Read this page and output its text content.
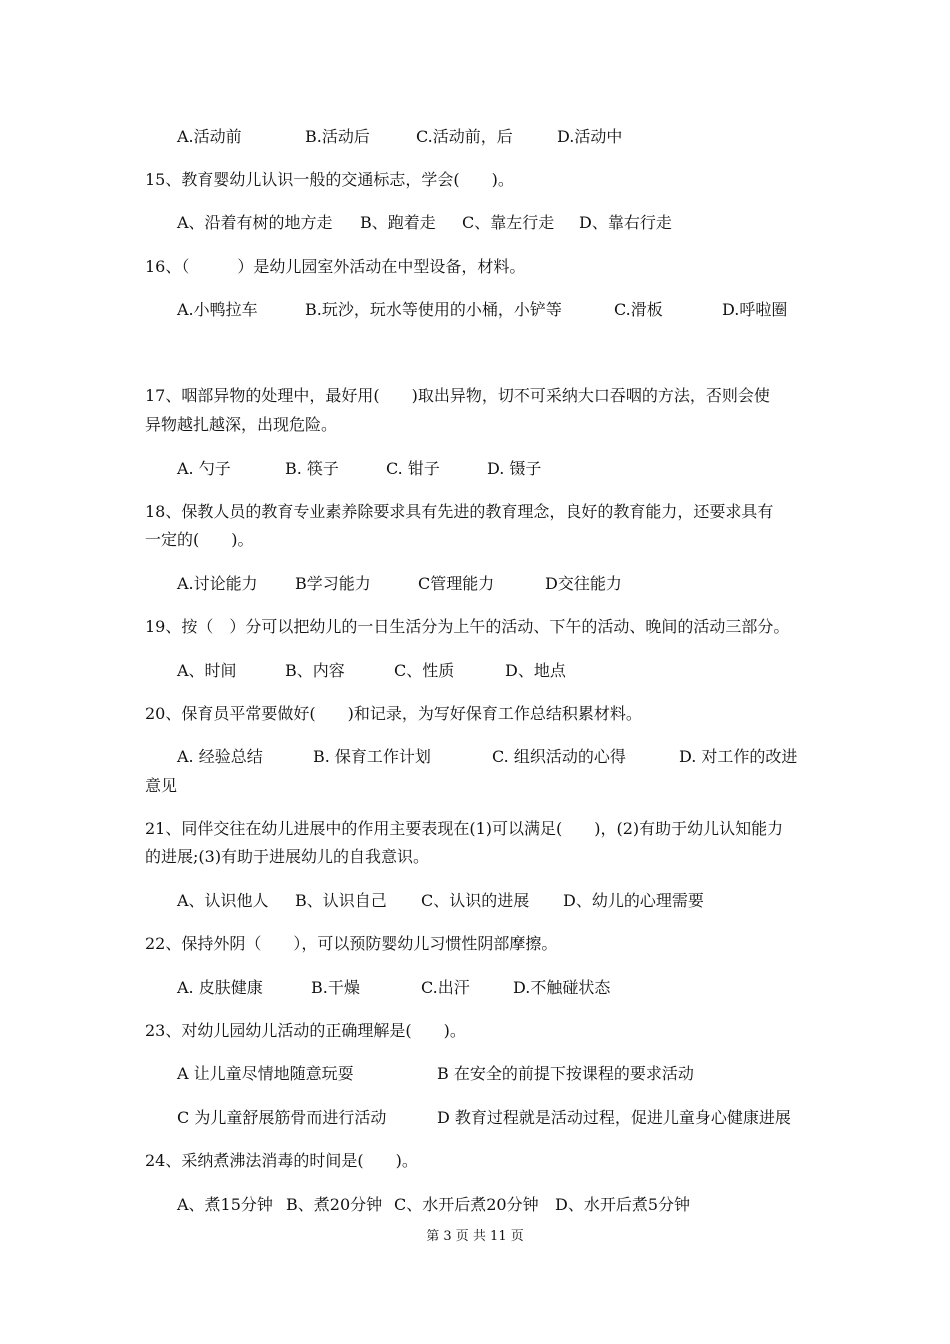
A.活动前	B.活动后	C.活动前，后	D.活动中
15、教育婴幼儿认识一般的交通标志，学会(　　)。
A、沿着有树的地方走 B、跑着走 C、靠左行走 D、靠右行走
16、（　　　）是幼儿园室外活动在中型设备，材料。
A.小鸭拉车	B.玩沙，玩水等使用的小桶，小铲等	C.滑板	D.呼啦圈
17、咽部异物的处理中，最好用(　　)取出异物，切不可采纳大口吞咽的方法，否则会使
异物越扎越深，出现危险。
A. 勺子	B. 筷子	C. 钳子	D. 镊子
18、保教人员的教育专业素养除要求具有先进的教育理念，良好的教育能力，还要求具有
一定的(　　)。
A.讨论能力 B学习能力	C管理能力	D交往能力
19、按（　）分可以把幼儿的一日生活分为上午的活动、下午的活动、晚间的活动三部分。
A、时间	B、内容	C、性质	D、地点
20、保育员平常要做好(　　)和记录，为写好保育工作总结积累材料。
A. 经验总结	B. 保育工作计划	C. 组织活动的心得	D. 对工作的改进
意见
21、同伴交往在幼儿进展中的作用主要表现在(1)可以满足(　　)，(2)有助于幼儿认知能力
的进展;(3)有助于进展幼儿的自我意识。
A、认识他人 B、认识自己 C、认识的进展 D、幼儿的心理需要
22、保持外阴（　　），可以预防婴幼儿习惯性阴部摩擦。
A. 皮肤健康	B.干燥	C.出汗	D.不触碰状态
23、对幼儿园幼儿活动的正确理解是(　　)。
A 让儿童尽情地随意玩耍	B 在安全的前提下按课程的要求活动
C 为儿童舒展筋骨而进行活动	D 教育过程就是活动过程，促进儿童身心健康进展
24、采纳煮沸法消毒的时间是(　　)。
A、煮15分钟 B、煮20分钟 C、水开后煮20分钟 D、水开后煮5分钟
第 3 页 共 11 页
